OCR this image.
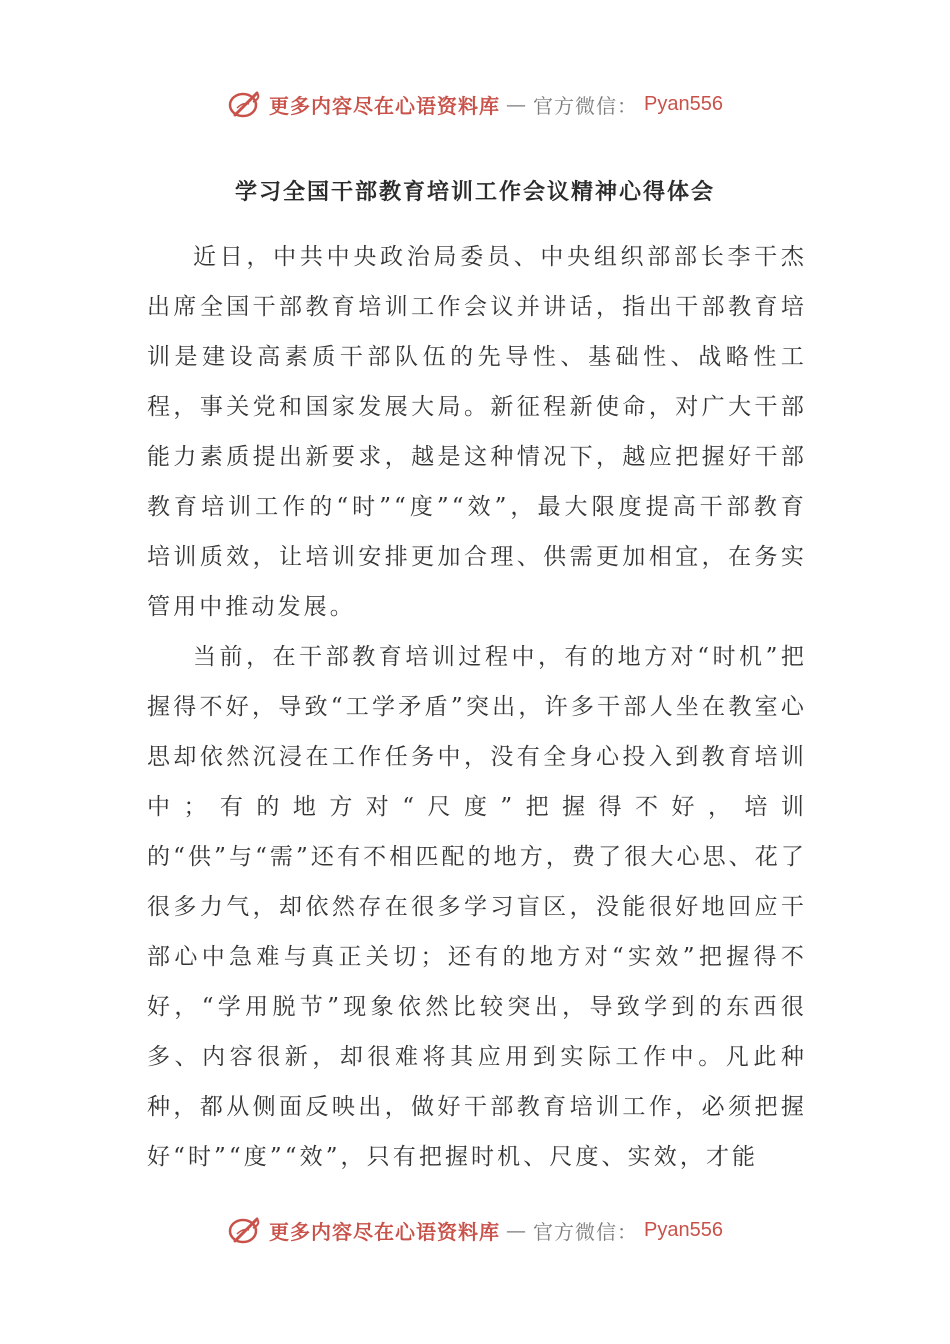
更多内容尽在心语资料库 — 官方微信： Pyan556
学习全国干部教育培训工作会议精神心得体会

近日，中共中央政治局委员、中央组织部部长李干杰出席全国干部教育培训工作会议并讲话，指出干部教育培训是建设高素质干部队伍的先导性、基础性、战略性工程，事关党和国家发展大局。新征程新使命，对广大干部能力素质提出新要求，越是这种情况下，越应把握好干部教育培训工作的“时”“度”“效”，最大限度提高干部教育培训质效，让培训安排更加合理、供需更加相宜，在务实管用中推动发展。

当前，在干部教育培训过程中，有的地方对“时机”把握得不好，导致“工学矛盾”突出，许多干部人坐在教室心思却依然沉浸在工作任务中，没有全身心投入到教育培训中；有的地方对“尺度”把握得不好，培训的“供”与“需”还有不相匹配的地方，费了很大心思、花了很多力气，却依然存在很多学习盲区，没能很好地回应干部心中急难与真正关切；还有的地方对“实效”把握得不好，“学用脱节”现象依然比较突出，导致学到的东西很多、内容很新，却很难将其应用到实际工作中。凡此种种，都从侧面反映出，做好干部教育培训工作，必须把握好“时”“度”“效”，只有把握时机、尺度、实效，才能

更多内容尽在心语资料库 — 官方微信： Pyan556
